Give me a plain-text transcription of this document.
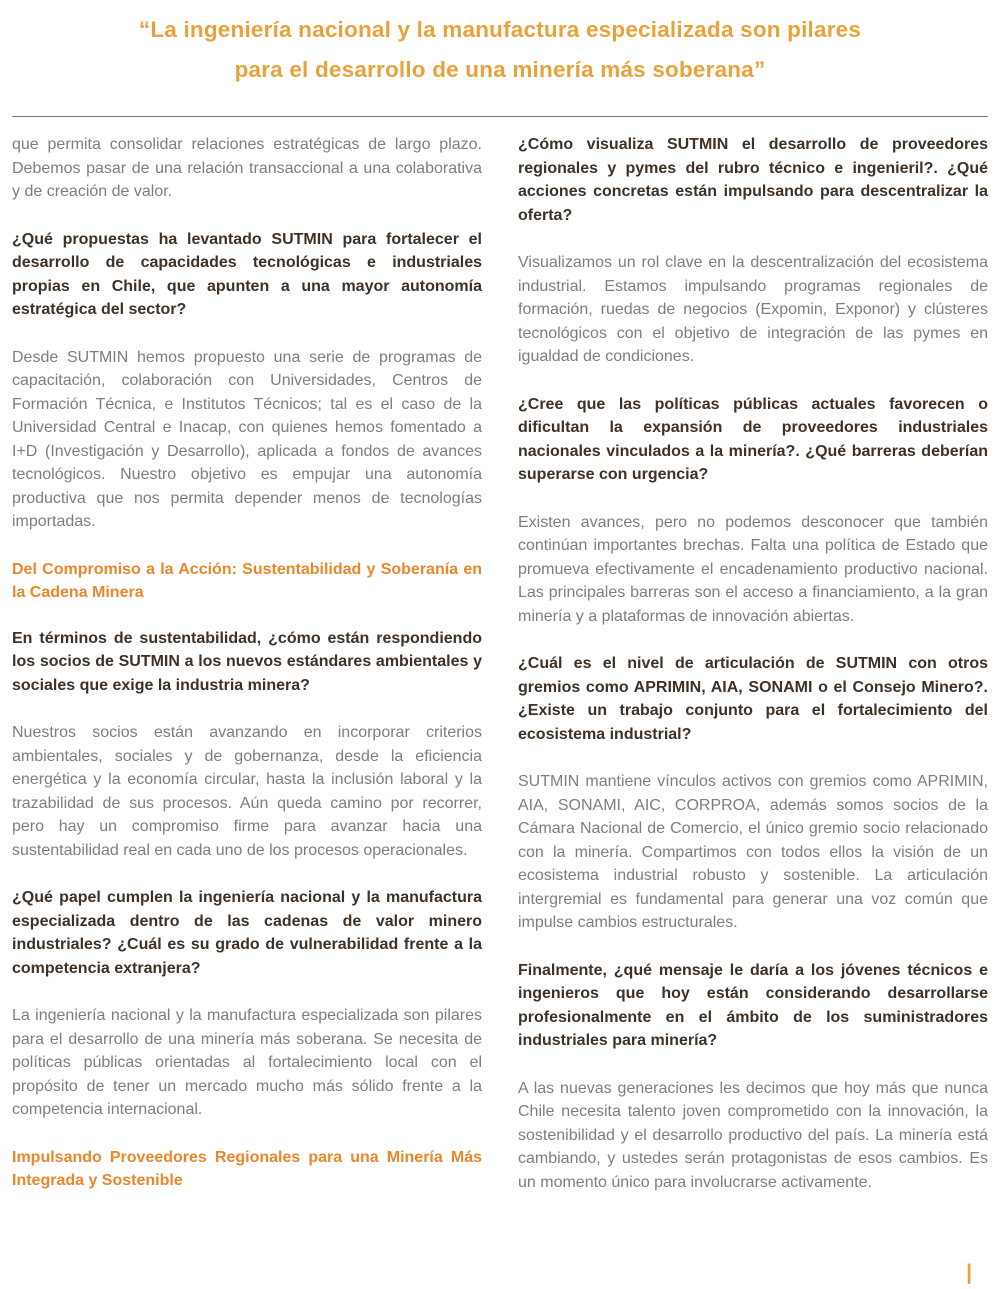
“La ingeniería nacional y la manufactura especializada son pilares
para el desarrollo de una minería más soberana”

que permita consolidar relaciones estratégicas de largo plazo. Debemos pasar de una relación transaccional a una colaborativa y de creación de valor.

¿Qué propuestas ha levantado SUTMIN para fortalecer el desarrollo de capacidades tecnológicas e industriales propias en Chile, que apunten a una mayor autonomía estratégica del sector?

Desde SUTMIN hemos propuesto una serie de programas de capacitación, colaboración con Universidades, Centros de Formación Técnica, e Institutos Técnicos; tal es el caso de la Universidad Central e Inacap, con quienes hemos fomentado a I+D (Investigación y Desarrollo), aplicada a fondos de avances tecnológicos. Nuestro objetivo es empujar una autonomía productiva que nos permita depender menos de tecnologías importadas.

Del Compromiso a la Acción: Sustentabilidad y Soberanía en la Cadena Minera

En términos de sustentabilidad, ¿cómo están respondiendo los socios de SUTMIN a los nuevos estándares ambientales y sociales que exige la industria minera?

Nuestros socios están avanzando en incorporar criterios ambientales, sociales y de gobernanza, desde la eficiencia energética y la economía circular, hasta la inclusión laboral y la trazabilidad de sus procesos. Aún queda camino por recorrer, pero hay un compromiso firme para avanzar hacia una sustentabilidad real en cada uno de los procesos operacionales.

¿Qué papel cumplen la ingeniería nacional y la manufactura especializada dentro de las cadenas de valor minero industriales? ¿Cuál es su grado de vulnerabilidad frente a la competencia extranjera?

La ingeniería nacional y la manufactura especializada son pilares para el desarrollo de una minería más soberana. Se necesita de políticas públicas orientadas al fortalecimiento local con el propósito de tener un mercado mucho más sólido frente a la competencia internacional.

Impulsando Proveedores Regionales para una Minería Más Integrada y Sostenible

¿Cómo visualiza SUTMIN el desarrollo de proveedores regionales y pymes del rubro técnico e ingenieril?. ¿Qué acciones concretas están impulsando para descentralizar la oferta?

Visualizamos un rol clave en la descentralización del ecosistema industrial. Estamos impulsando programas regionales de formación, ruedas de negocios (Expomin, Exponor) y clústeres tecnológicos con el objetivo de integración de las pymes en igualdad de condiciones.

¿Cree que las políticas públicas actuales favorecen o dificultan la expansión de proveedores industriales nacionales vinculados a la minería?. ¿Qué barreras deberían superarse con urgencia?

Existen avances, pero no podemos desconocer que también continúan importantes brechas. Falta una política de Estado que promueva efectivamente el encadenamiento productivo nacional. Las principales barreras son el acceso a financiamiento, a la gran minería y a plataformas de innovación abiertas.

¿Cuál es el nivel de articulación de SUTMIN con otros gremios como APRIMIN, AIA, SONAMI o el Consejo Minero?. ¿Existe un trabajo conjunto para el fortalecimiento del ecosistema industrial?

SUTMIN mantiene vínculos activos con gremios como APRIMIN, AIA, SONAMI, AIC, CORPROA, además somos socios de la Cámara Nacional de Comercio, el único gremio socio relacionado con la minería. Compartimos con todos ellos la visión de un ecosistema industrial robusto y sostenible. La articulación intergremial es fundamental para generar una voz común que impulse cambios estructurales.

Finalmente, ¿qué mensaje le daría a los jóvenes técnicos e ingenieros que hoy están considerando desarrollarse profesionalmente en el ámbito de los suministradores industriales para minería?

A las nuevas generaciones les decimos que hoy más que nunca Chile necesita talento joven comprometido con la innovación, la sostenibilidad y el desarrollo productivo del país. La minería está cambiando, y ustedes serán protagonistas de esos cambios. Es un momento único para involucrarse activamente.

|
